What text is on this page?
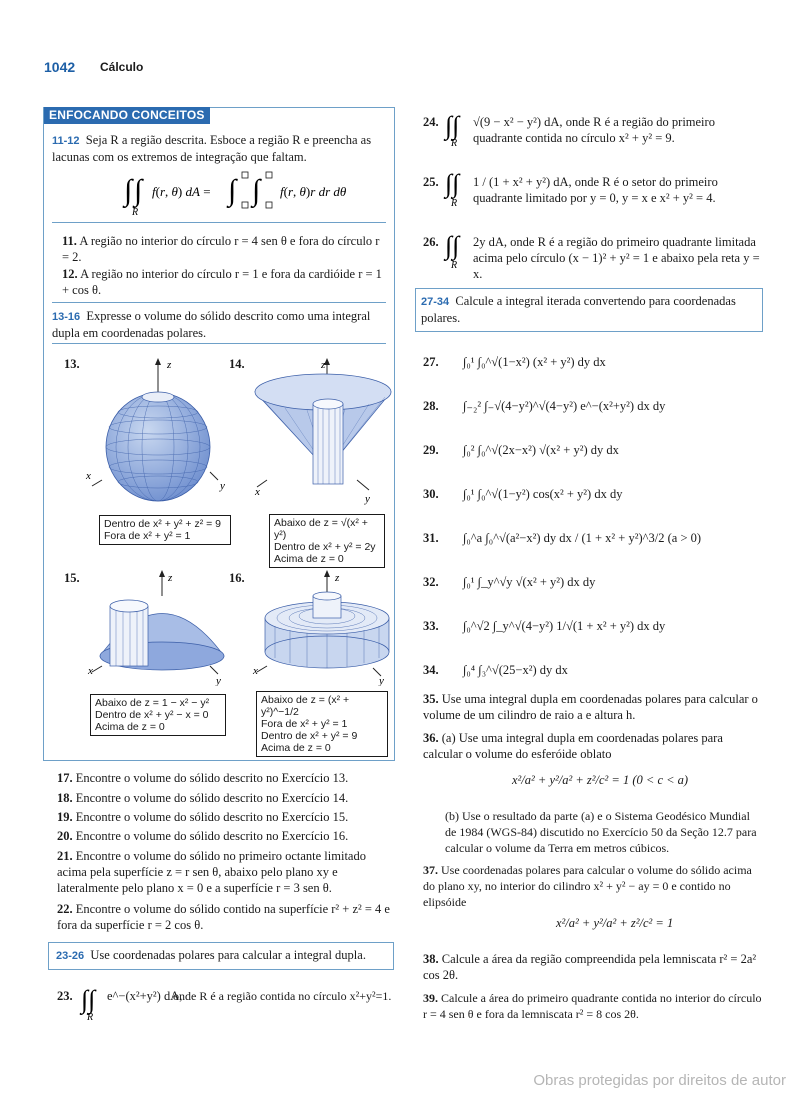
1042 Cálculo
ENFOCANDO CONCEITOS
11-12 Seja R a região descrita. Esboce a região R e preencha as lacunas com os extremos de integração que faltam.
∫ ∫
R
f(r, θ) dA = ∫ ∫ f(r, θ)r dr dθ
11. A região no interior do círculo r = 4 sen θ e fora do círculo r = 2.
12. A região no interior do círculo r = 1 e fora da cardióide r = 1 + cos θ.
13-16 Expresse o volume do sólido descrito como uma integral dupla em coordenadas polares.
13.	z
x
y
Dentro de x² + y² + z² = 9
Fora de x² + y² = 1
14.	z
x
y
Abaixo de z = √(x² + y²)
Dentro de x² + y² = 2y
Acima de z = 0
15.	z
x
y
Abaixo de z = 1 − x² − y²
Dentro de x² + y² − x = 0
Acima de z = 0
16.	z
x
y
Abaixo de z = (x² + y²)^−1/2
Fora de x² + y² = 1
Dentro de x² + y² = 9
Acima de z = 0
17. Encontre o volume do sólido descrito no Exercício 13.
18. Encontre o volume do sólido descrito no Exercício 14.
19. Encontre o volume do sólido descrito no Exercício 15.
20. Encontre o volume do sólido descrito no Exercício 16.
21. Encontre o volume do sólido no primeiro octante limitado acima pela superfície z = r sen θ, abaixo pelo plano xy e lateralmente pelo plano x = 0 e a superfície r = 3 sen θ.
22. Encontre o volume do sólido contido na superfície r² + z² = 4 e fora da superfície r = 2 cos θ.
23-26 Use coordenadas polares para calcular a integral dupla.
23. ∫∫
R
e^−(x²+y²) dA,
onde R é a região contida no círculo x²+y²=1.
24. ∫∫
R
√(9 − x² − y²) dA, onde R é a região do primeiro quadrante contida no círculo x² + y² = 9.
25. ∫∫
R
1 / (1 + x² + y²) dA, onde R é o setor do primeiro quadrante limitado por y = 0, y = x e x² + y² = 4.
26. ∫∫
R
2y dA, onde R é a região do primeiro quadrante limitada acima pelo círculo (x − 1)² + y² = 1 e abaixo pela reta y = x.
27-34 Calcule a integral iterada convertendo para coordenadas polares.
27. ∫₀¹ ∫₀^√(1−x²) (x² + y²) dy dx
28. ∫₋₂² ∫₋√(4−y²)^√(4−y²) e^−(x²+y²) dx dy
29. ∫₀² ∫₀^√(2x−x²) √(x² + y²) dy dx
30. ∫₀¹ ∫₀^√(1−y²) cos(x² + y²) dx dy
31. ∫₀^a ∫₀^√(a²−x²) dy dx / (1 + x² + y²)^3/2 (a > 0)
32. ∫₀¹ ∫_y^√y √(x² + y²) dx dy
33. ∫₀^√2 ∫_y^√(4−y²) 1/√(1 + x² + y²) dx dy
34. ∫₀⁴ ∫₃^√(25−x²) dy dx
35. Use uma integral dupla em coordenadas polares para calcular o volume de um cilindro de raio a e altura h.
36. (a) Use uma integral dupla em coordenadas polares para calcular o volume do esferóide oblato
x²/a² + y²/a² + z²/c² = 1 (0 < c < a)
(b) Use o resultado da parte (a) e o Sistema Geodésico Mundial de 1984 (WGS-84) discutido no Exercício 50 da Seção 12.7 para calcular o volume da Terra em metros cúbicos.
37. Use coordenadas polares para calcular o volume do sólido acima do plano xy, no interior do cilindro x² + y² − ay = 0 e contido no elipsóide
x²/a² + y²/a² + z²/c² = 1
38. Calcule a área da região compreendida pela lemniscata r² = 2a² cos 2θ.
39. Calcule a área do primeiro quadrante contida no interior do círculo r = 4 sen θ e fora da lemniscata r² = 8 cos 2θ.
Obras protegidas por direitos de autor
